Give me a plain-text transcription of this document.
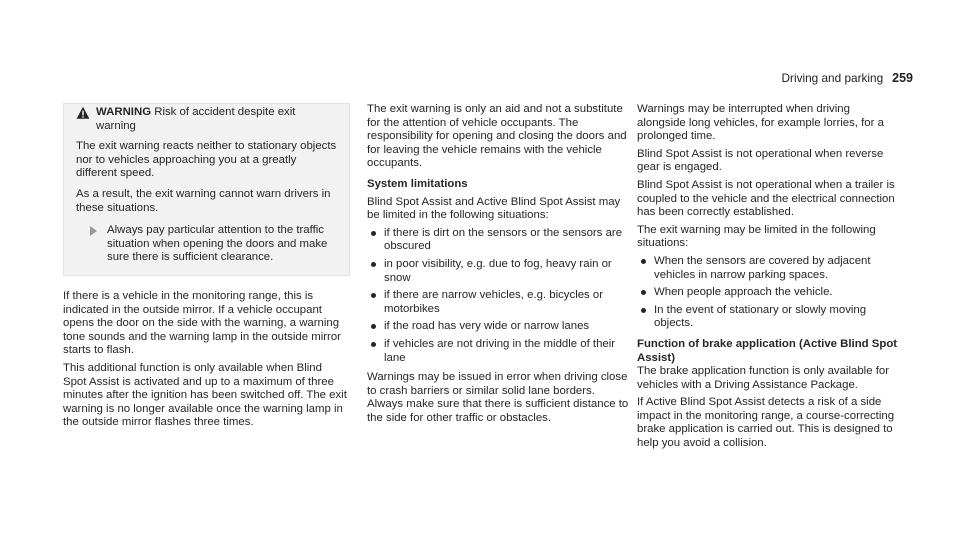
Driving and parking 259
WARNING Risk of accident despite exit warning

The exit warning reacts neither to stationary objects nor to vehicles approaching you at a greatly different speed.

As a result, the exit warning cannot warn drivers in these situations.

Always pay particular attention to the traffic situation when opening the doors and make sure there is sufficient clearance.

If there is a vehicle in the monitoring range, this is indicated in the outside mirror. If a vehicle occupant opens the door on the side with the warning, a warning tone sounds and the warning lamp in the outside mirror starts to flash.

This additional function is only available when Blind Spot Assist is activated and up to a maximum of three minutes after the ignition has been switched off. The exit warning is no longer available once the warning lamp in the outside mirror flashes three times.

The exit warning is only an aid and not a substitute for the attention of vehicle occupants. The responsibility for opening and closing the doors and for leaving the vehicle remains with the vehicle occupants.

System limitations

Blind Spot Assist and Active Blind Spot Assist may be limited in the following situations:

if there is dirt on the sensors or the sensors are obscured
in poor visibility, e.g. due to fog, heavy rain or snow
if there are narrow vehicles, e.g. bicycles or motorbikes
if the road has very wide or narrow lanes
if vehicles are not driving in the middle of their lane

Warnings may be issued in error when driving close to crash barriers or similar solid lane borders. Always make sure that there is sufficient distance to the side for other traffic or obstacles.

Warnings may be interrupted when driving alongside long vehicles, for example lorries, for a prolonged time.

Blind Spot Assist is not operational when reverse gear is engaged.

Blind Spot Assist is not operational when a trailer is coupled to the vehicle and the electrical connection has been correctly established.

The exit warning may be limited in the following situations:

When the sensors are covered by adjacent vehicles in narrow parking spaces.
When people approach the vehicle.
In the event of stationary or slowly moving objects.
Function of brake application (Active Blind Spot Assist)

The brake application function is only available for vehicles with a Driving Assistance Package.

If Active Blind Spot Assist detects a risk of a side impact in the monitoring range, a course-correcting brake application is carried out. This is designed to help you avoid a collision.
